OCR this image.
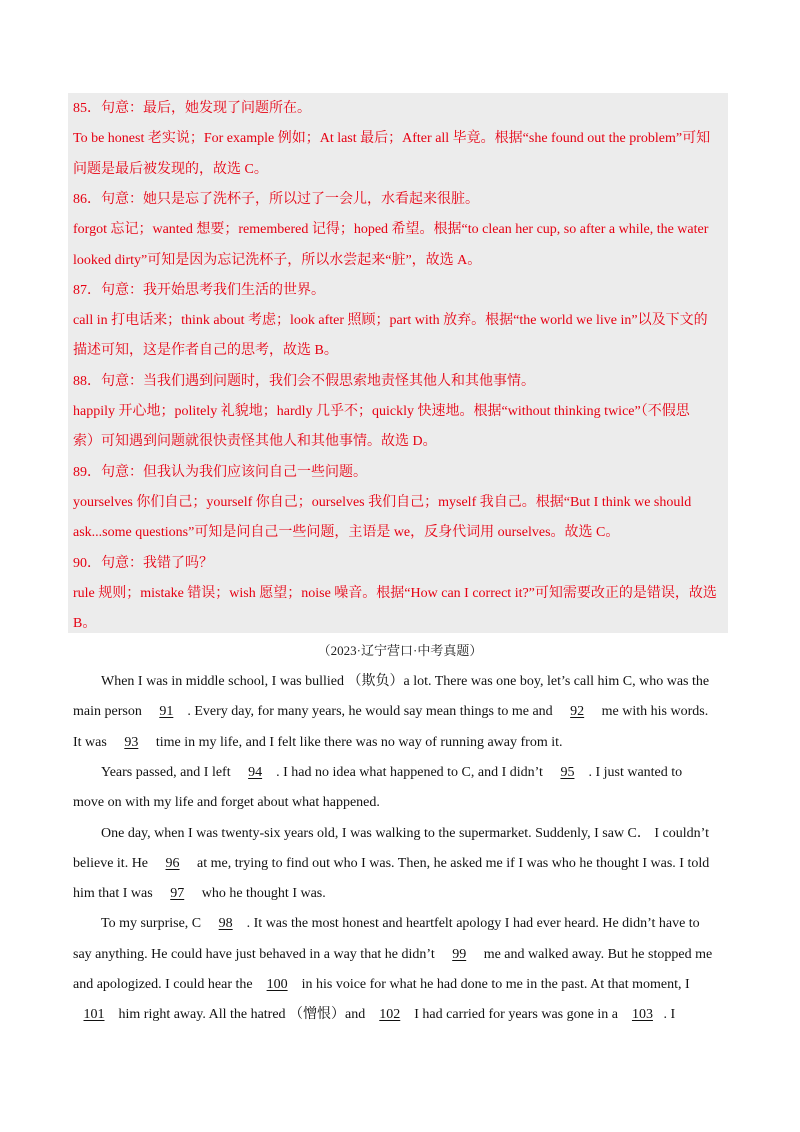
85．句意：最后，她发现了问题所在。
To be honest 老实说；For example 例如；At last 最后；After all 毕竟。根据“she found out the problem”可知
问题是最后被发现的，故选 C。
86．句意：她只是忘了洗杯子，所以过了一会儿，水看起来很脏。
forgot 忘记；wanted 想要；remembered 记得；hoped 希望。根据“to clean her cup, so after a while, the water
looked dirty”可知是因为忘记洗杯子，所以水尝起来“脏”，故选 A。
87．句意：我开始思考我们生活的世界。
call in 打电话来；think about 考虑；look after 照顾；part with 放弃。根据“the world we live in”以及下文的
描述可知，这是作者自己的思考，故选 B。
88．句意：当我们遇到问题时，我们会不假思索地责怪其他人和其他事情。
happily 开心地；politely 礼貌地；hardly 几乎不；quickly 快速地。根据“without thinking twice”（不假思
索）可知遇到问题就很快责怪其他人和其他事情。故选 D。
89．句意：但我认为我们应该问自己一些问题。
yourselves 你们自己；yourself 你自己；ourselves 我们自己；myself 我自己。根据“But I think we should
ask...some questions”可知是问自己一些问题，主语是 we，反身代词用 ourselves。故选 C。
90．句意：我错了吗？
rule 规则；mistake 错误；wish 愿望；noise 噪音。根据“How can I correct it?”可知需要改正的是错误，故选
B。
（2023·辽宁营口·中考真题）
When I was in middle school, I was bullied （欺负）a lot. There was one boy, let’s call him C, who was the
main person 91 . Every day, for many years, he would say mean things to me and 92 me with his words.
It was 93 time in my life, and I felt like there was no way of running away from it.
Years passed, and I left 94 . I had no idea what happened to C, and I didn’t 95 . I just wanted to
move on with my life and forget about what happened.
One day, when I was twenty-six years old, I was walking to the supermarket. Suddenly, I saw C． I couldn’t
believe it. He 96 at me, trying to find out who I was. Then, he asked me if I was who he thought I was. I told
him that I was 97 who he thought I was.
To my surprise, C 98 . It was the most honest and heartfelt apology I had ever heard. He didn’t have to
say anything. He could have just behaved in a way that he didn’t 99 me and walked away. But he stopped me
and apologized. I could hear the 100 in his voice for what he had done to me in the past. At that moment, I
101 him right away. All the hatred （憎恨）and 102 I had carried for years was gone in a 103 . I
